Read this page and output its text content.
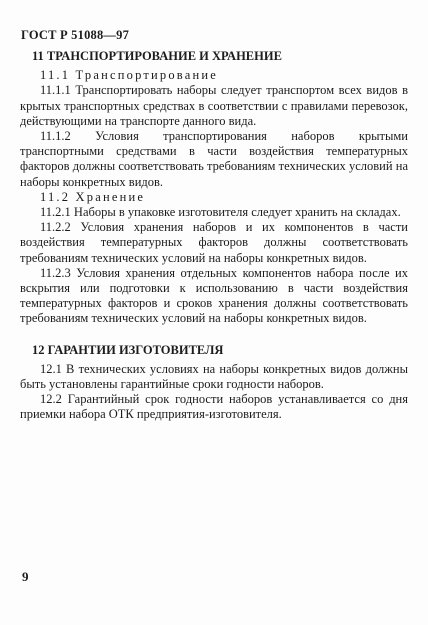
ГОСТ Р 51088—97
11 ТРАНСПОРТИРОВАНИЕ И ХРАНЕНИЕ
11.1 Транспортирование

11.1.1 Транспортировать наборы следует транспортом всех видов в крытых транспортных средствах в соответствии с правилами перевозок, действующими на транспорте данного вида.

11.1.2 Условия транспортирования наборов крытыми транспортными средствами в части воздействия температурных факторов должны соответствовать требованиям технических условий на наборы конкретных видов.

11.2 Хранение

11.2.1 Наборы в упаковке изготовителя следует хранить на складах.

11.2.2 Условия хранения наборов и их компонентов в части воздействия температурных факторов должны соответствовать требованиям технических условий на наборы конкретных видов.

11.2.3 Условия хранения отдельных компонентов набора после их вскрытия или подготовки к использованию в части воздействия температурных факторов и сроков хранения должны соответствовать требованиям технических условий на наборы конкретных видов.

12 ГАРАНТИИ ИЗГОТОВИТЕЛЯ

12.1 В технических условиях на наборы конкретных видов должны быть установлены гарантийные сроки годности наборов.

12.2 Гарантийный срок годности наборов устанавливается со дня приемки набора ОТК предприятия-изготовителя.

9
